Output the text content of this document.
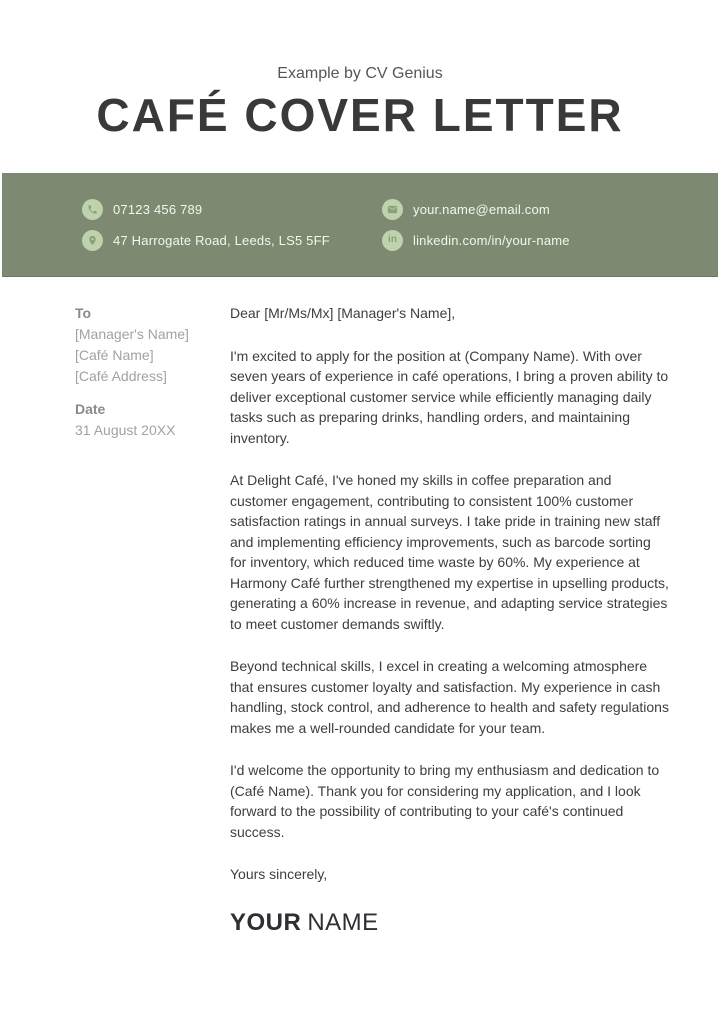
Example by CV Genius
CAFÉ COVER LETTER
07123 456 789
47 Harrogate Road, Leeds, LS5 5FF
your.name@email.com
in linkedin.com/in/your-name
To
[Manager's Name]
[Café Name]
[Café Address]
Date
31 August 20XX

Dear [Mr/Ms/Mx] [Manager's Name],

I'm excited to apply for the position at (Company Name). With over seven years of experience in café operations, I bring a proven ability to deliver exceptional customer service while efficiently managing daily tasks such as preparing drinks, handling orders, and maintaining inventory.

At Delight Café, I've honed my skills in coffee preparation and customer engagement, contributing to consistent 100% customer satisfaction ratings in annual surveys. I take pride in training new staff and implementing efficiency improvements, such as barcode sorting for inventory, which reduced time waste by 60%. My experience at Harmony Café further strengthened my expertise in upselling products, generating a 60% increase in revenue, and adapting service strategies to meet customer demands swiftly.

Beyond technical skills, I excel in creating a welcoming atmosphere that ensures customer loyalty and satisfaction. My experience in cash handling, stock control, and adherence to health and safety regulations makes me a well-rounded candidate for your team.

I'd welcome the opportunity to bring my enthusiasm and dedication to (Café Name). Thank you for considering my application, and I look forward to the possibility of contributing to your café's continued success.

Yours sincerely,

YOUR NAME
